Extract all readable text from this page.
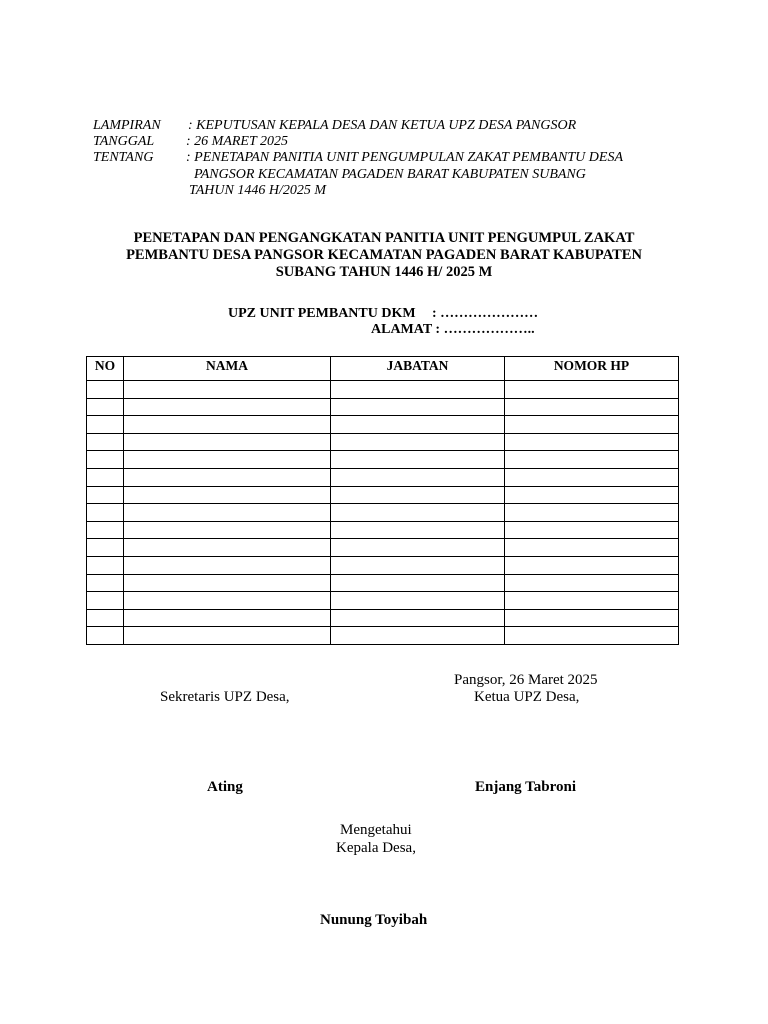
LAMPIRAN : KEPUTUSAN KEPALA DESA DAN KETUA UPZ DESA PANGSOR
TANGGAL : 26 MARET 2025
TENTANG : PENETAPAN PANITIA UNIT PENGUMPULAN ZAKAT PEMBANTU DESA
PANGSOR KECAMATAN PAGADEN BARAT KABUPATEN SUBANG
TAHUN 1446 H/2025 M
PENETAPAN DAN PENGANGKATAN PANITIA UNIT PENGUMPUL ZAKAT
PEMBANTU DESA PANGSOR KECAMATAN PAGADEN BARAT KABUPATEN
SUBANG TAHUN 1446 H/ 2025 M
UPZ UNIT PEMBANTU DKM : …………………
ALAMAT : ………………..
NO	NAMA	JABATAN	NOMOR HP

Pangsor, 26 Maret 2025
Sekretaris UPZ Desa,	Ketua UPZ Desa,
Ating	Enjang Tabroni
Mengetahui
Kepala Desa,
Nunung Toyibah
